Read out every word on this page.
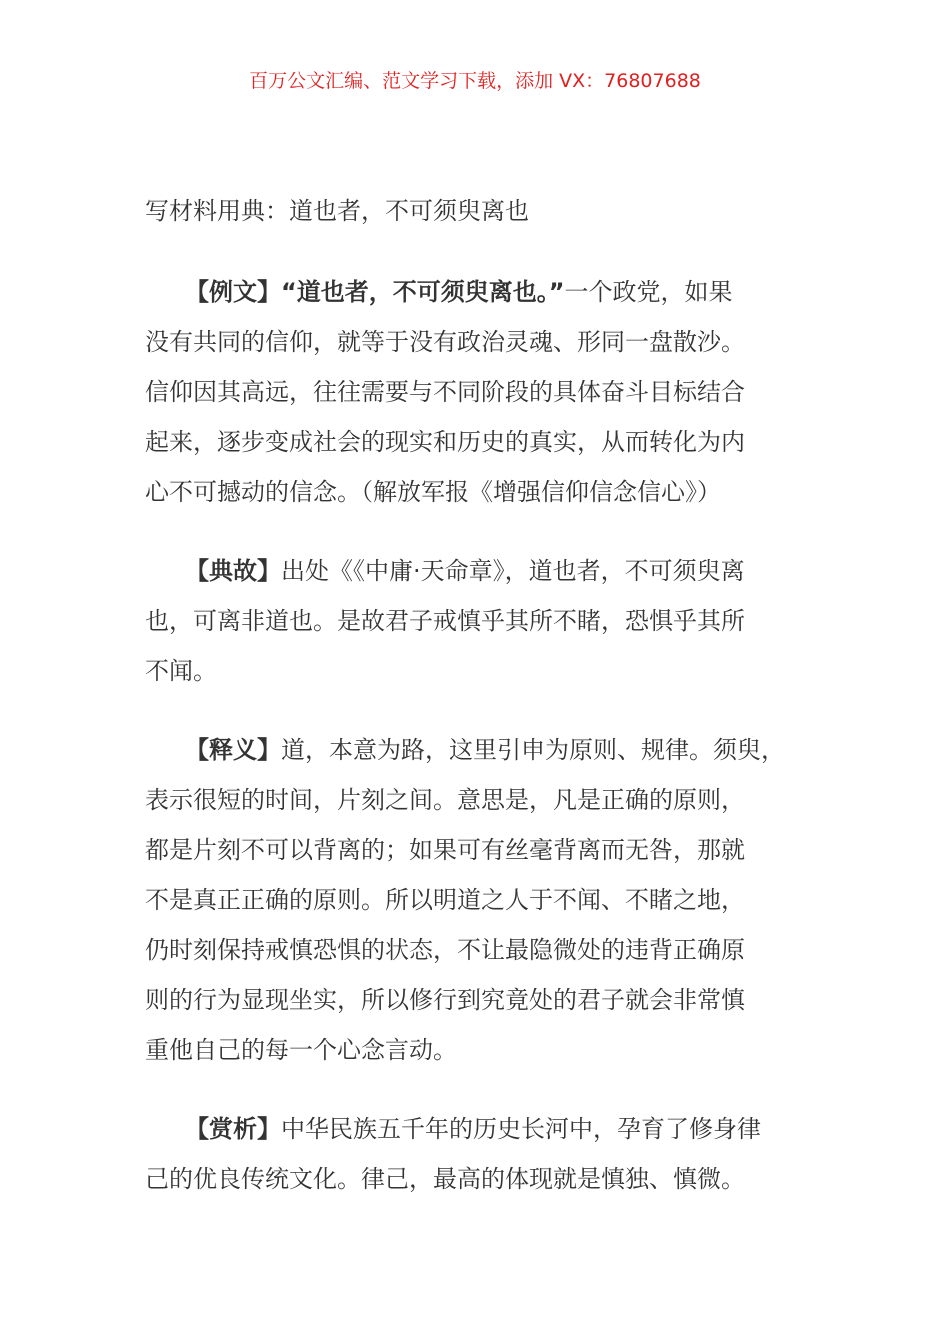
百万公文汇编、范文学习下载，添加 VX：76807688
写材料用典：道也者，不可须臾离也
【例文】“道也者，不可须臾离也。”一个政党，如果
没有共同的信仰，就等于没有政治灵魂、形同一盘散沙。
信仰因其高远，往往需要与不同阶段的具体奋斗目标结合
起来，逐步变成社会的现实和历史的真实，从而转化为内
心不可撼动的信念。（解放军报《增强信仰信念信心》）
【典故】出处《《中庸·天命章》，道也者，不可须臾离
也，可离非道也。是故君子戒慎乎其所不睹，恐惧乎其所
不闻。
【释义】道，本意为路，这里引申为原则、规律。须臾，
表示很短的时间，片刻之间。意思是，凡是正确的原则，
都是片刻不可以背离的；如果可有丝毫背离而无咎，那就
不是真正正确的原则。所以明道之人于不闻、不睹之地，
仍时刻保持戒慎恐惧的状态，不让最隐微处的违背正确原
则的行为显现坐实，所以修行到究竟处的君子就会非常慎
重他自己的每一个心念言动。
【赏析】中华民族五千年的历史长河中，孕育了修身律
己的优良传统文化。律己，最高的体现就是慎独、慎微。
